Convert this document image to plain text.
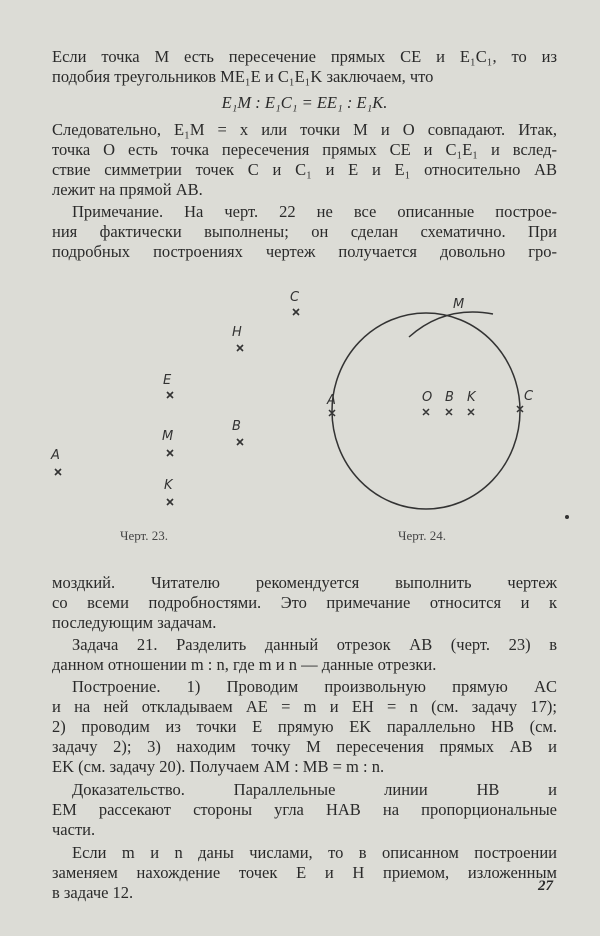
Если точка M есть пересечение прямых CE и E₁C₁, то из
подобия треугольников ME₁E и C₁E₁K заключаем, что
E₁M : E₁C₁ = EE₁ : E₁K.
Следовательно, E₁M = x или точки M и O совпадают. Итак,
точка O есть точка пересечения прямых CE и C₁E₁ и вслед-
ствие симметрии точек C и C₁ и E и E₁ относительно AB
лежит на прямой AB.
Примечание. На черт. 22 не все описанные построе-
ния фактически выполнены; он сделан схематично. При
подробных построениях чертеж получается довольно гро-
A
E
M
K
H
B
C
A	O B K	C
M
Черт. 23.	Черт. 24.
моздкий. Читателю рекомендуется выполнить чертеж
со всеми подробностями. Это примечание относится и к
последующим задачам.
Задача 21. Разделить данный отрезок AB (черт. 23) в
данном отношении m : n, где m и n — данные отрезки.
Построение. 1) Проводим произвольную прямую AC
и на ней откладываем AE = m и EH = n (см. задачу 17);
2) проводим из точки E прямую EK параллельно HB (см.
задачу 2); 3) находим точку M пересечения прямых AB и
EK (см. задачу 20). Получаем AM : MB = m : n.
Доказательство. Параллельные линии HB и
EM рассекают стороны угла HAB на пропорциональные
части.
Если m и n даны числами, то в описанном построении
заменяем нахождение точек E и H приемом, изложенным
в задаче 12.	27
